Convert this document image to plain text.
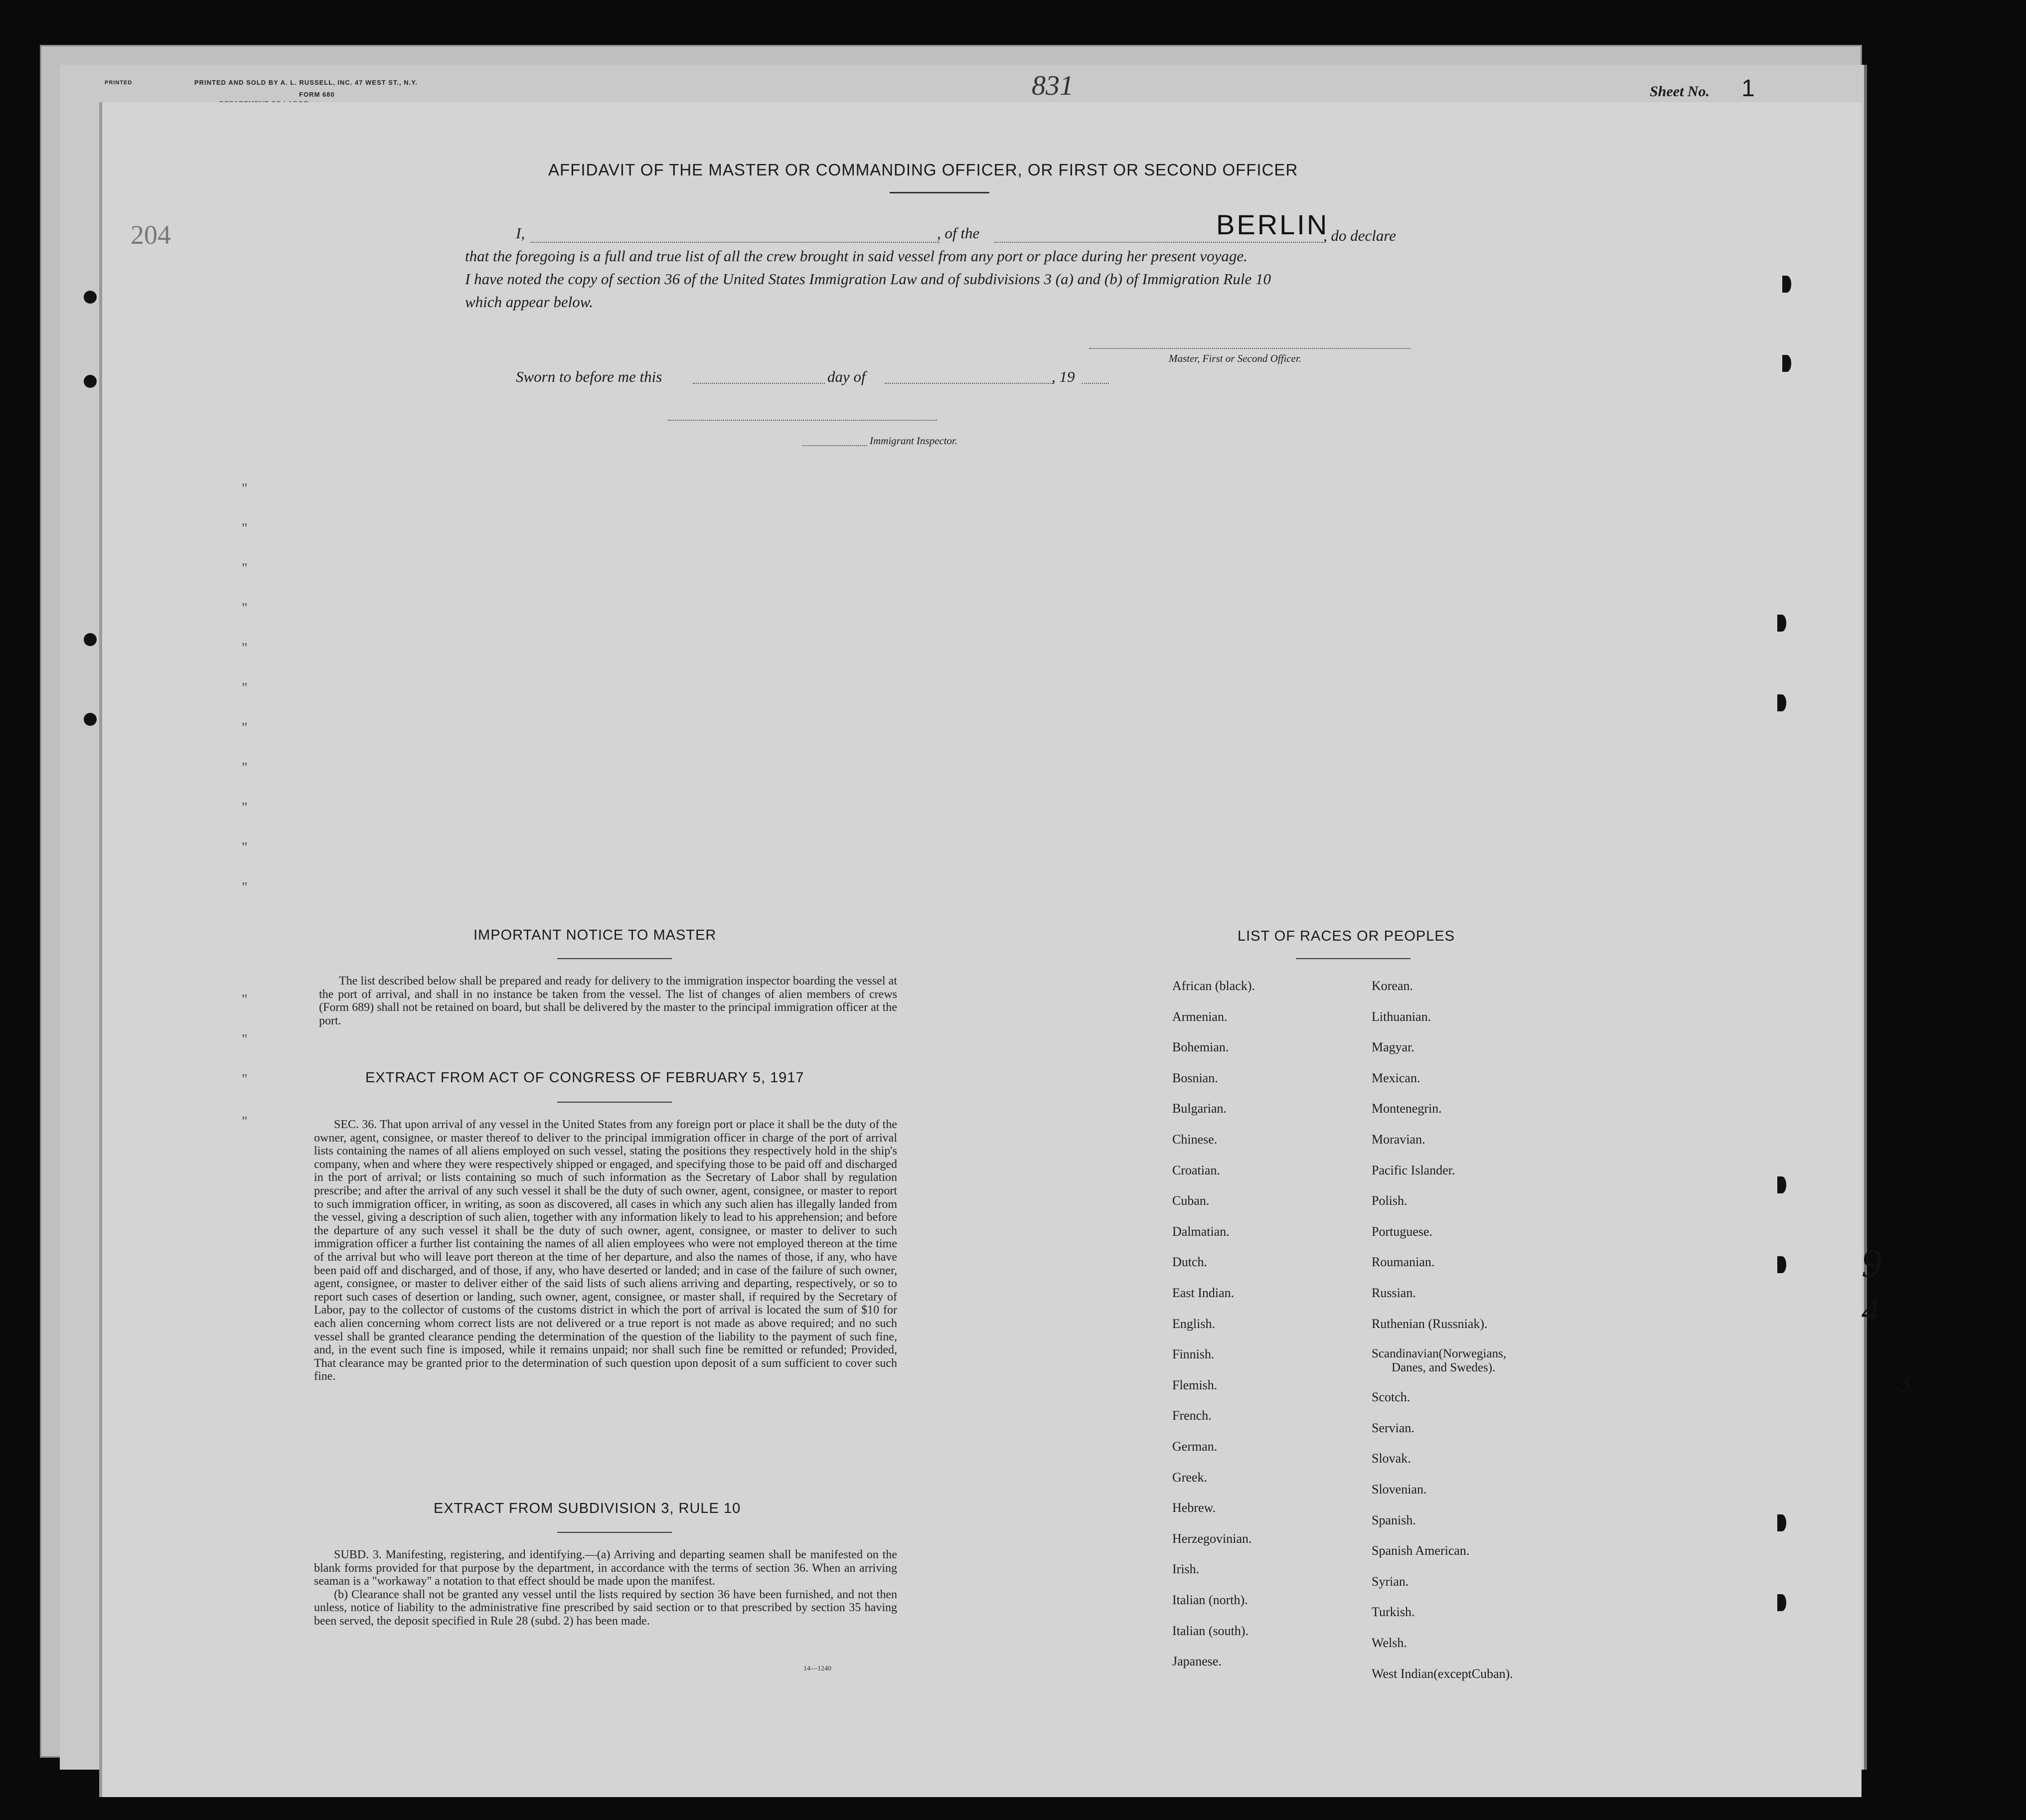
PRINTED	PRINTED AND SOLD BY A. L. RUSSELL, INC. 47 WEST ST., N.Y.
FORM 680	831	Sheet No. 1
204
"
"
"
"
"
"
"
"
"
"
"
"
"
"
"
AFFIDAVIT OF THE MASTER OR COMMANDING OFFICER, OR FIRST OR SECOND OFFICER
I,	, of the	BERLIN
, do declare
that the foregoing is a full and true list of all the crew brought in said vessel from any port or place during her present voyage.
I have noted the copy of section 36 of the United States Immigration Law and of subdivisions 3 (a) and (b) of Immigration Rule 10
which appear below.
Master, First or Second Officer.
Sworn to before me this	day of	, 19
Immigrant Inspector.
IMPORTANT NOTICE TO MASTER

The list described below shall be prepared and ready for delivery to the immigration inspector boarding the vessel at the port of arrival, and shall in no instance be taken from the vessel. The list of changes of alien members of crews (Form 689) shall not be retained on board, but shall be delivered by the master to the principal immigration officer at the port.

EXTRACT FROM ACT OF CONGRESS OF FEBRUARY 5, 1917

SEC. 36. That upon arrival of any vessel in the United States from any foreign port or place it shall be the duty of the owner, agent, consignee, or master thereof to deliver to the principal immigration officer in charge of the port of arrival lists containing the names of all aliens employed on such vessel, stating the positions they respectively hold in the ship's company, when and where they were respectively shipped or engaged, and specifying those to be paid off and discharged in the port of arrival; or lists containing so much of such information as the Secretary of Labor shall by regulation prescribe; and after the arrival of any such vessel it shall be the duty of such owner, agent, consignee, or master to report to such immigration officer, in writing, as soon as discovered, all cases in which any such alien has illegally landed from the vessel, giving a description of such alien, together with any information likely to lead to his apprehension; and before the departure of any such vessel it shall be the duty of such owner, agent, consignee, or master to deliver to such immigration officer a further list containing the names of all alien employees who were not employed thereon at the time of the arrival but who will leave port thereon at the time of her departure, and also the names of those, if any, who have been paid off and discharged, and of those, if any, who have deserted or landed; and in case of the failure of such owner, agent, consignee, or master to deliver either of the said lists of such aliens arriving and departing, respectively, or so to report such cases of desertion or landing, such owner, agent, consignee, or master shall, if required by the Secretary of Labor, pay to the collector of customs of the customs district in which the port of arrival is located the sum of $10 for each alien concerning whom correct lists are not delivered or a true report is not made as above required; and no such vessel shall be granted clearance pending the determination of the question of the liability to the payment of such fine, and, in the event such fine is imposed, while it remains unpaid; nor shall such fine be remitted or refunded; Provided, That clearance may be granted prior to the determination of such question upon deposit of a sum sufficient to cover such fine.

EXTRACT FROM SUBDIVISION 3, RULE 10

SUBD. 3. Manifesting, registering, and identifying.—(a) Arriving and departing seamen shall be manifested on the blank forms provided for that purpose by the department, in accordance with the terms of section 36. When an arriving seaman is a "workaway" a notation to that effect should be made upon the manifest.

(b) Clearance shall not be granted any vessel until the lists required by section 36 have been furnished, and not then unless, notice of liability to the administrative fine prescribed by said section or to that prescribed by section 35 having been served, the deposit specified in Rule 28 (subd. 2) has been made.

14—1240
LIST OF RACES OR PEOPLES
African (black).
Armenian.
Bohemian.
Bosnian.
Bulgarian.
Chinese.
Croatian.
Cuban.
Dalmatian.
Dutch.
East Indian.
English.
Finnish.
Flemish.
French.
German.
Greek.
Hebrew.
Herzegovinian.
Irish.
Italian (north).
Italian (south).
Japanese.
Korean.
Lithuanian.
Magyar.
Mexican.
Montenegrin.
Moravian.
Pacific Islander.
Polish.
Portuguese.
Roumanian.
Russian.
Ruthenian (Russniak).
Scandinavian(Norwegians,
Danes, and Swedes).
Scotch.
Servian.
Slovak.
Slovenian.
Spanish.
Spanish American.
Syrian.
Turkish.
Welsh.
West Indian(exceptCuban).
9
4
3
